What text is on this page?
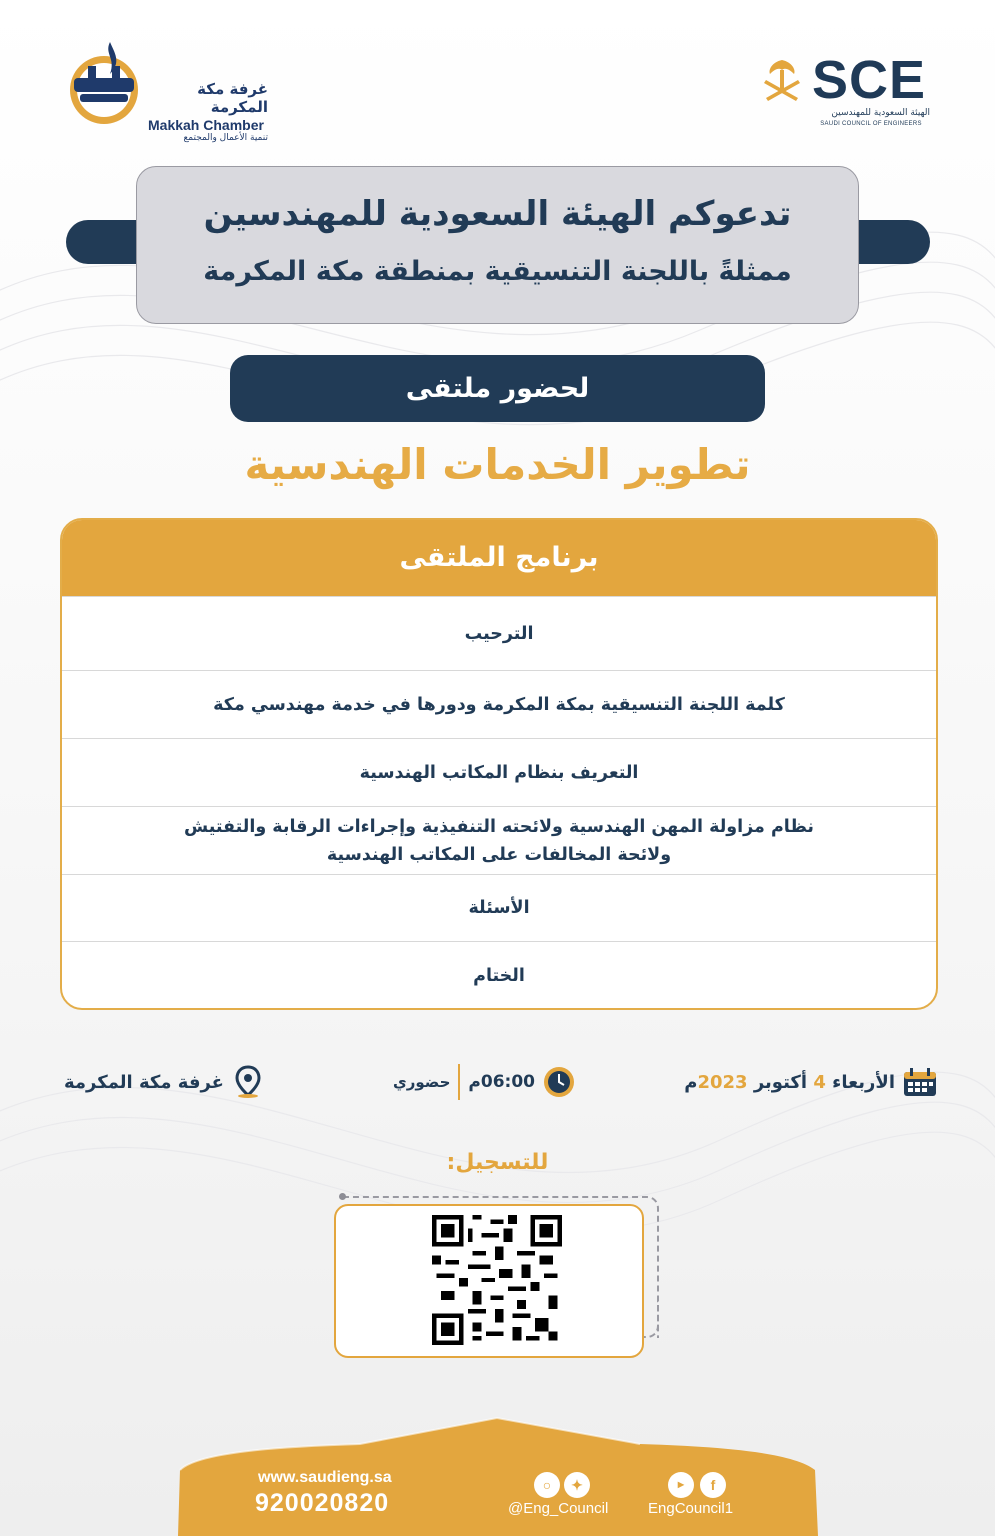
غرفة مكة المكرمة
Makkah Chamber
تنمية الأعمال والمجتمع
SCE
الهيئة السعودية للمهندسين
SAUDI COUNCIL OF ENGINEERS
تدعوكم الهيئة السعودية للمهندسين
ممثلةً باللجنة التنسيقية بمنطقة مكة المكرمة
لحضور ملتقى
تطوير الخدمات الهندسية
برنامج الملتقى
الترحيب
كلمة اللجنة التنسيقية بمكة المكرمة ودورها في خدمة مهندسي مكة
التعريف بنظام المكاتب الهندسية
نظام مزاولة المهن الهندسية ولائحته التنفيذية وإجراءات الرقابة والتفتيش
ولائحة المخالفات على المكاتب الهندسية
الأسئلة
الختام
الأربعاء

4

أكتوبر

2023
م
06:00
م
حضوري
غرفة مكة المكرمة
للتسجيل:
www.saudieng.sa
920020820
○	✦
@Eng_Council
▶	f
EngCouncil1
